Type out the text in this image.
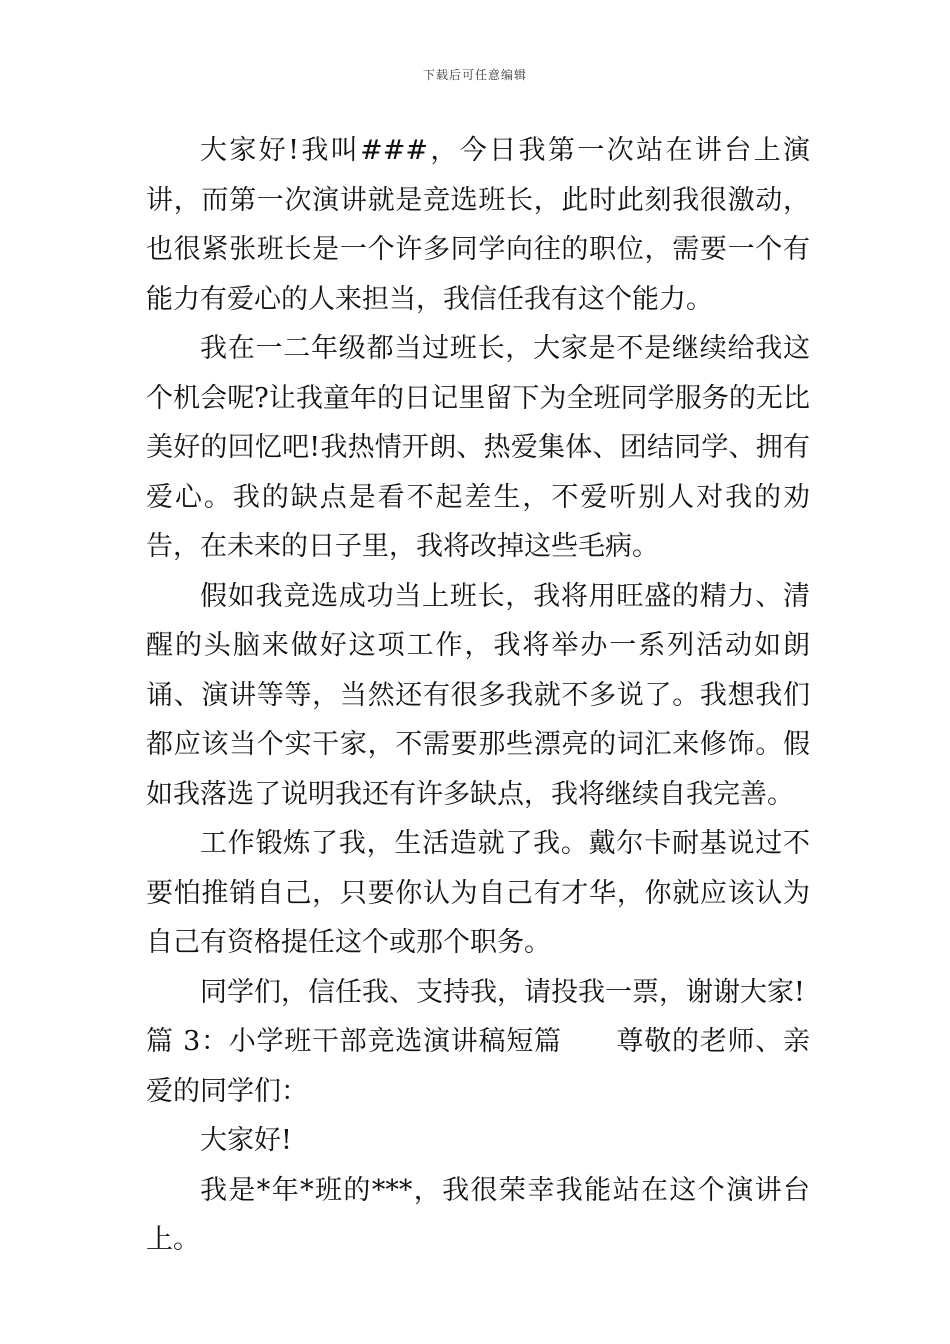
下载后可任意编辑

大家好!我叫###，今日我第一次站在讲台上演讲，而第一次演讲就是竞选班长，此时此刻我很激动，也很紧张班长是一个许多同学向往的职位，需要一个有能力有爱心的人来担当，我信任我有这个能力。

我在一二年级都当过班长，大家是不是继续给我这个机会呢?让我童年的日记里留下为全班同学服务的无比美好的回忆吧!我热情开朗、热爱集体、团结同学、拥有爱心。我的缺点是看不起差生，不爱听别人对我的劝告，在未来的日子里，我将改掉这些毛病。

假如我竞选成功当上班长，我将用旺盛的精力、清醒的头脑来做好这项工作，我将举办一系列活动如朗诵、演讲等等，当然还有很多我就不多说了。我想我们都应该当个实干家，不需要那些漂亮的词汇来修饰。假如我落选了说明我还有许多缺点，我将继续自我完善。

工作锻炼了我，生活造就了我。戴尔卡耐基说过不要怕推销自己，只要你认为自己有才华，你就应该认为自己有资格提任这个或那个职务。

同学们，信任我、支持我，请投我一票，谢谢大家!

篇 3：小学班干部竞选演讲稿短篇 尊敬的老师、亲爱的同学们：

大家好!

我是*年*班的***，我很荣幸我能站在这个演讲台上。
